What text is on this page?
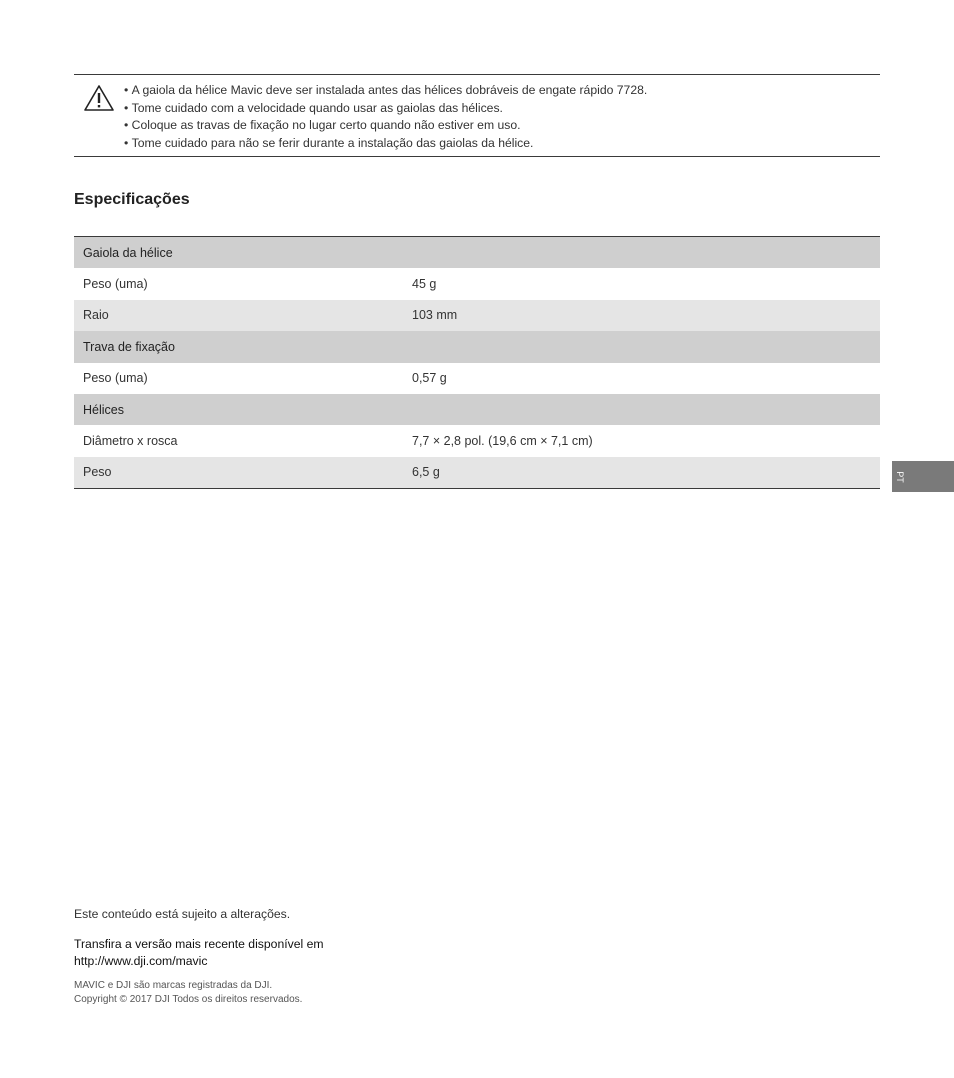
• A gaiola da hélice Mavic deve ser instalada antes das hélices dobráveis de engate rápido 7728.
• Tome cuidado com a velocidade quando usar as gaiolas das hélices.
• Coloque as travas de fixação no lugar certo quando não estiver em uso.
• Tome cuidado para não se ferir durante a instalação das gaiolas da hélice.
Especificações
Gaiola da hélice
Peso (uma)	45 g
Raio	103 mm
Trava de fixação
Peso (uma)	0,57 g
Hélices
Diâmetro x rosca	7,7 × 2,8 pol. (19,6 cm × 7,1 cm)
Peso	6,5 g	PT
Este conteúdo está sujeito a alterações.
Transfira a versão mais recente disponível em
http://www.dji.com/mavic
MAVIC e DJI são marcas registradas da DJI.
Copyright © 2017 DJI Todos os direitos reservados.
